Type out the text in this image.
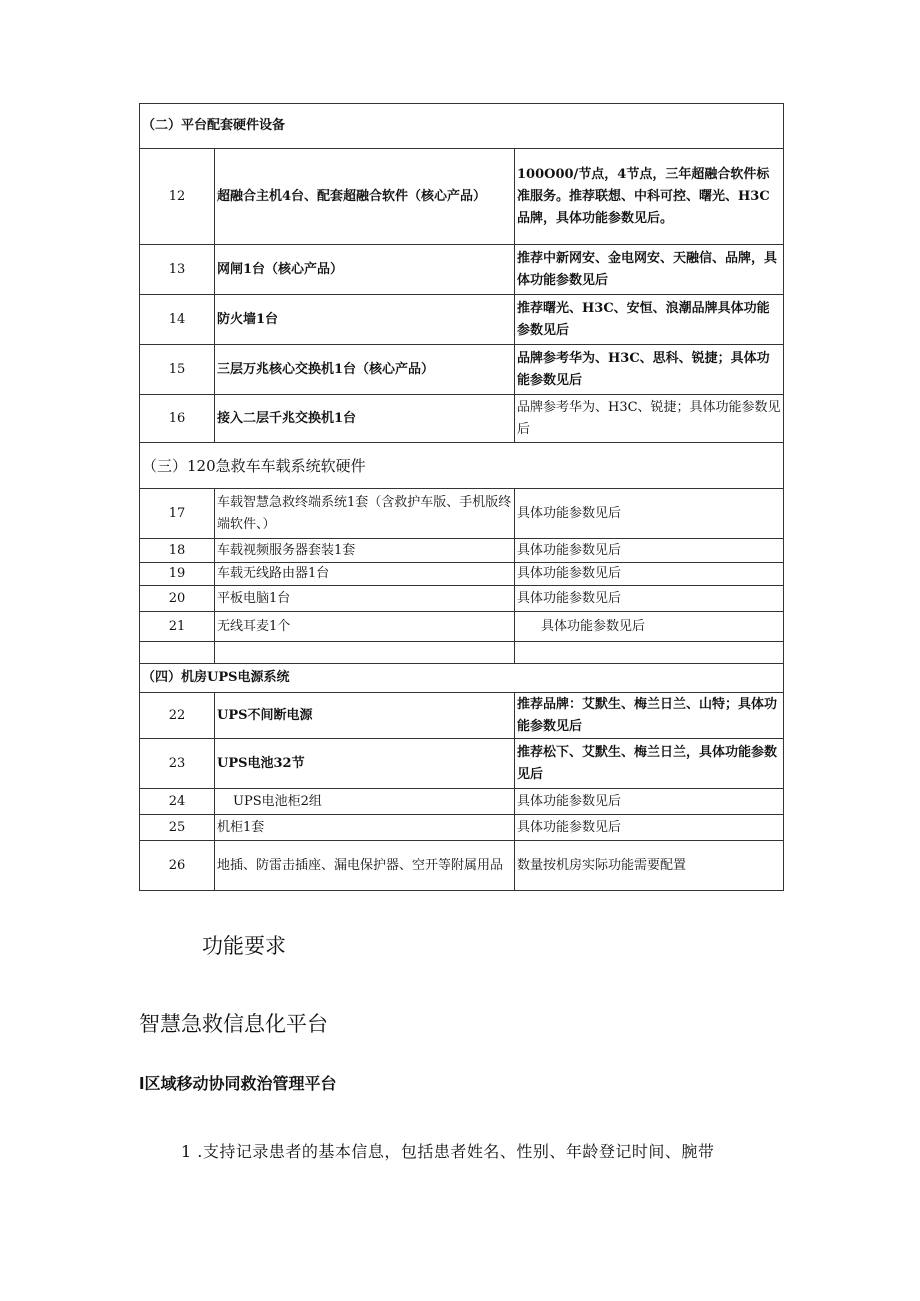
（二）平台配套硬件设备		
12	超融合主机4台、配套超融合软件（核心产品）	100O00/节点，4节点，三年超融合软件标准服务。推荐联想、中科可控、曙光、H3C品牌，具体功能参数见后。
13	网闸1台（核心产品）	推荐中新网安、金电网安、天融信、品牌，具体功能参数见后
14	防火墙1台	推荐曙光、H3C、安恒、浪潮品牌具体功能参数见后
15	三层万兆核心交换机1台（核心产品）	品牌参考华为、H3C、思科、锐捷；具体功能参数见后
16	接入二层千兆交换机1台	品牌参考华为、H3C、锐捷；具体功能参数见后
（三）120急救车车载系统软硬件		
17	车载智慧急救终端系统1套（含救护车版、手机版终端软件、）	具体功能参数见后
18	车载视频服务器套装1套	具体功能参数见后
19	车载无线路由器1台	具体功能参数见后
20	平板电脑1台	具体功能参数见后
21	无线耳麦1个	具体功能参数见后

（四）机房UPS电源系统		
22	UPS不间断电源	推荐品牌：艾默生、梅兰日兰、山特；具体功能参数见后
23	UPS电池32节	推荐松下、艾默生、梅兰日兰，具体功能参数见后
24	UPS电池柜2组	具体功能参数见后
25	机柜1套	具体功能参数见后
26	地插、防雷击插座、漏电保护器、空开等附属用品	数量按机房实际功能需要配置
功能要求
智慧急救信息化平台
l区域移动协同救治管理平台
1 .支持记录患者的基本信息，包括患者姓名、性别、年龄登记时间、腕带
